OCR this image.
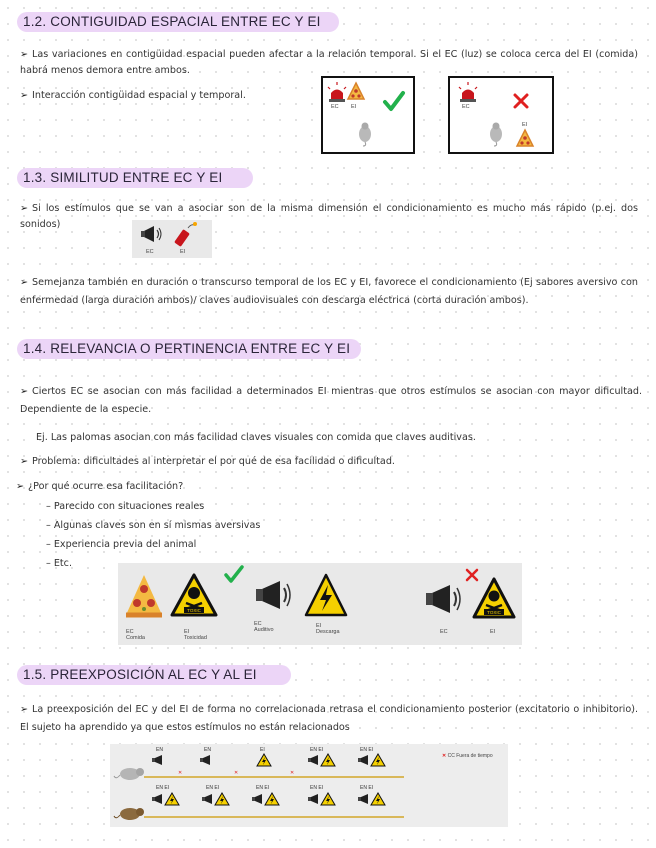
1.2. CONTIGUIDAD ESPACIAL ENTRE EC Y EI
➢ Las variaciones en contigüidad espacial pueden afectar a la relación temporal. Si el EC (luz) se coloca cerca del EI (comida) habrá menos demora entre ambos.
➢ Interacción contigüidad espacial y temporal.
EC EI	EC
EI
1.3. SIMILITUD ENTRE EC Y EI
➢ Si los estímulos que se van a asociar son de la misma dimensión el condicionamiento es mucho más rápido (p.ej. dos sonidos)
EC	EI
➢ Semejanza también en duración o transcurso temporal de los EC y EI, favorece el condicionamiento (Ej sabores aversivo con enfermedad (larga duración ambos)/ claves audiovisuales con descarga eléctrica (corta duración ambos).
1.4. RELEVANCIA O PERTINENCIA ENTRE EC Y EI
➢ Ciertos EC se asocian con más facilidad a determinados EI mientras que otros estímulos se asocian con mayor dificultad. Dependiente de la especie.
Ej. Las palomas asocian con más facilidad claves visuales con comida que claves auditivas.
➢ Problema: dificultades al interpretar el por qué de esa facilidad o dificultad.
➢ ¿Por qué ocurre esa facilitación?
– Parecido con situaciones reales
– Algunas claves son en sí mismas aversivas
– Experiencia previa del animal
– Etc.
EC
Comida
TOXIC
EI
Toxicidad
EC
Auditivo
EI
Descarga	EC
TOXIC
EI
1.5. PREEXPOSICIÓN AL EC Y AL EI
➢ La preexposición del EC y del EI de forma no correlacionada retrasa el condicionamiento posterior (excitatorio o inhibitorio). El sujeto ha aprendido ya que estos estímulos no están relacionados
✕ CC Fuera de tiempo
EN
✕
EN
✕
EI
✕
EN EI	EN EI
EN EI	EN EI	EN EI	EN EI	EN EI
